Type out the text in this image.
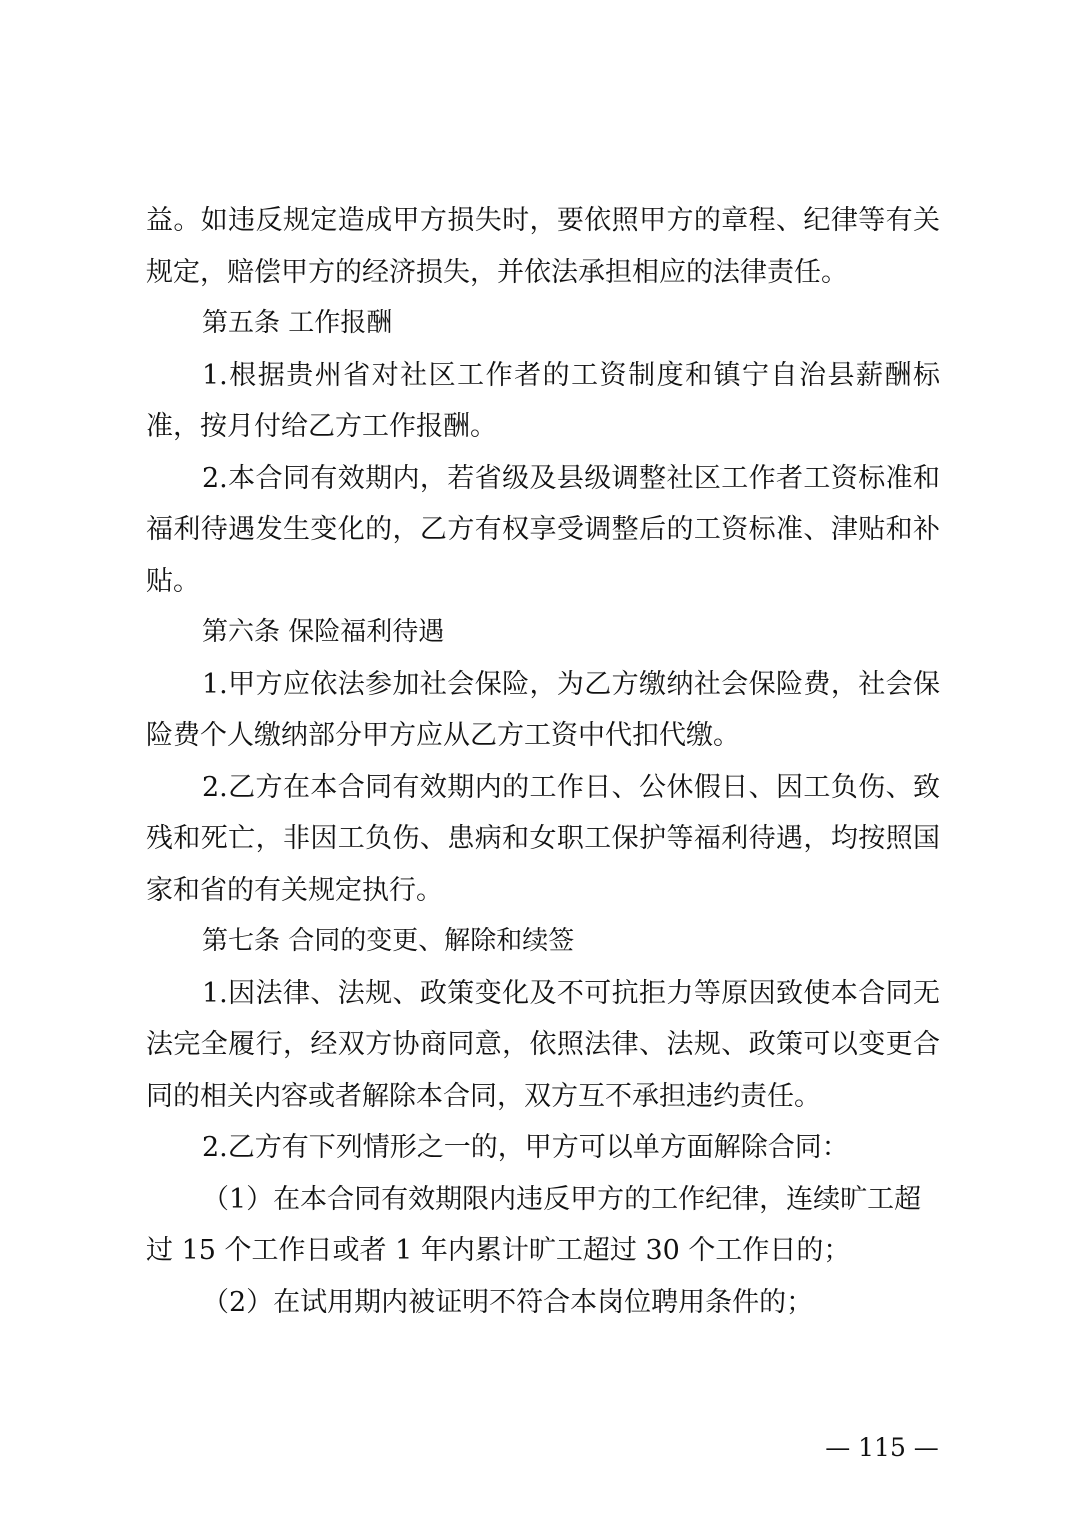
益。如违反规定造成甲方损失时，要依照甲方的章程、纪律等有关规定，赔偿甲方的经济损失，并依法承担相应的法律责任。

第五条 工作报酬

1.根据贵州省对社区工作者的工资制度和镇宁自治县薪酬标准，按月付给乙方工作报酬。

2.本合同有效期内，若省级及县级调整社区工作者工资标准和福利待遇发生变化的，乙方有权享受调整后的工资标准、津贴和补贴。

第六条 保险福利待遇

1.甲方应依法参加社会保险，为乙方缴纳社会保险费，社会保险费个人缴纳部分甲方应从乙方工资中代扣代缴。

2.乙方在本合同有效期内的工作日、公休假日、因工负伤、致残和死亡，非因工负伤、患病和女职工保护等福利待遇，均按照国家和省的有关规定执行。

第七条 合同的变更、解除和续签

1.因法律、法规、政策变化及不可抗拒力等原因致使本合同无法完全履行，经双方协商同意，依照法律、法规、政策可以变更合同的相关内容或者解除本合同，双方互不承担违约责任。

2.乙方有下列情形之一的，甲方可以单方面解除合同：

（1）在本合同有效期限内违反甲方的工作纪律，连续旷工超过 15 个工作日或者 1 年内累计旷工超过 30 个工作日的；

（2）在试用期内被证明不符合本岗位聘用条件的；

— 115 —
